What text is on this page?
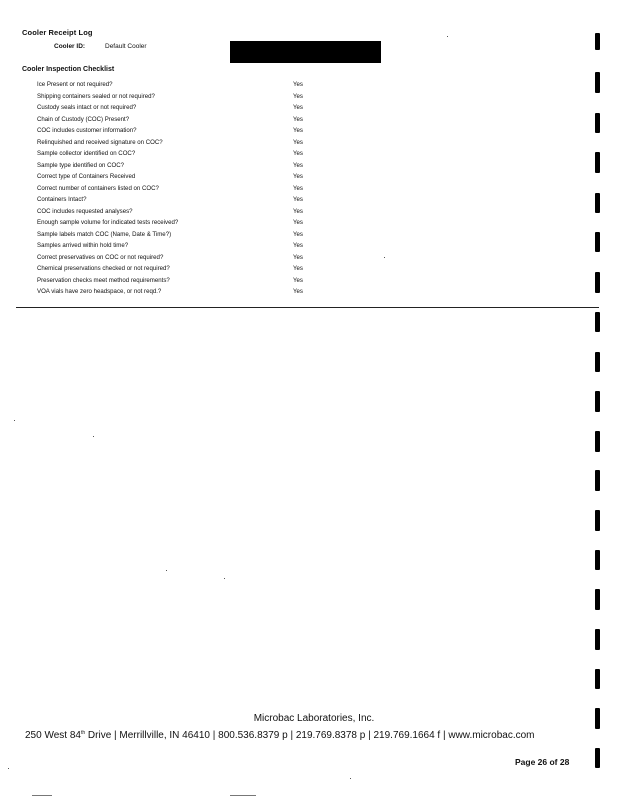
Cooler Receipt Log
Cooler ID:	Default Cooler
Cooler Inspection Checklist
Ice Present or not required?	Yes
Shipping containers sealed or not required?	Yes
Custody seals intact or not required?	Yes
Chain of Custody (COC) Present?	Yes
COC includes customer information?	Yes
Relinquished and received signature on COC?	Yes
Sample collector identified on COC?	Yes
Sample type identified on COC?	Yes
Correct type of Containers Received	Yes
Correct number of containers listed on COC?	Yes
Containers Intact?	Yes
COC includes requested analyses?	Yes
Enough sample volume for indicated tests received?	Yes
Sample labels match COC (Name, Date & Time?)	Yes
Samples arrived within hold time?	Yes
Correct preservatives on COC or not required?	Yes
Chemical preservations checked or not required?	Yes
Preservation checks meet method requirements?	Yes
VOA vials have zero headspace, or not reqd.?	Yes
Microbac Laboratories, Inc.
250 West 84th Drive | Merrillville, IN 46410 | 800.536.8379 p | 219.769.8378 p | 219.769.1664 f | www.microbac.com
Page 26 of 28
